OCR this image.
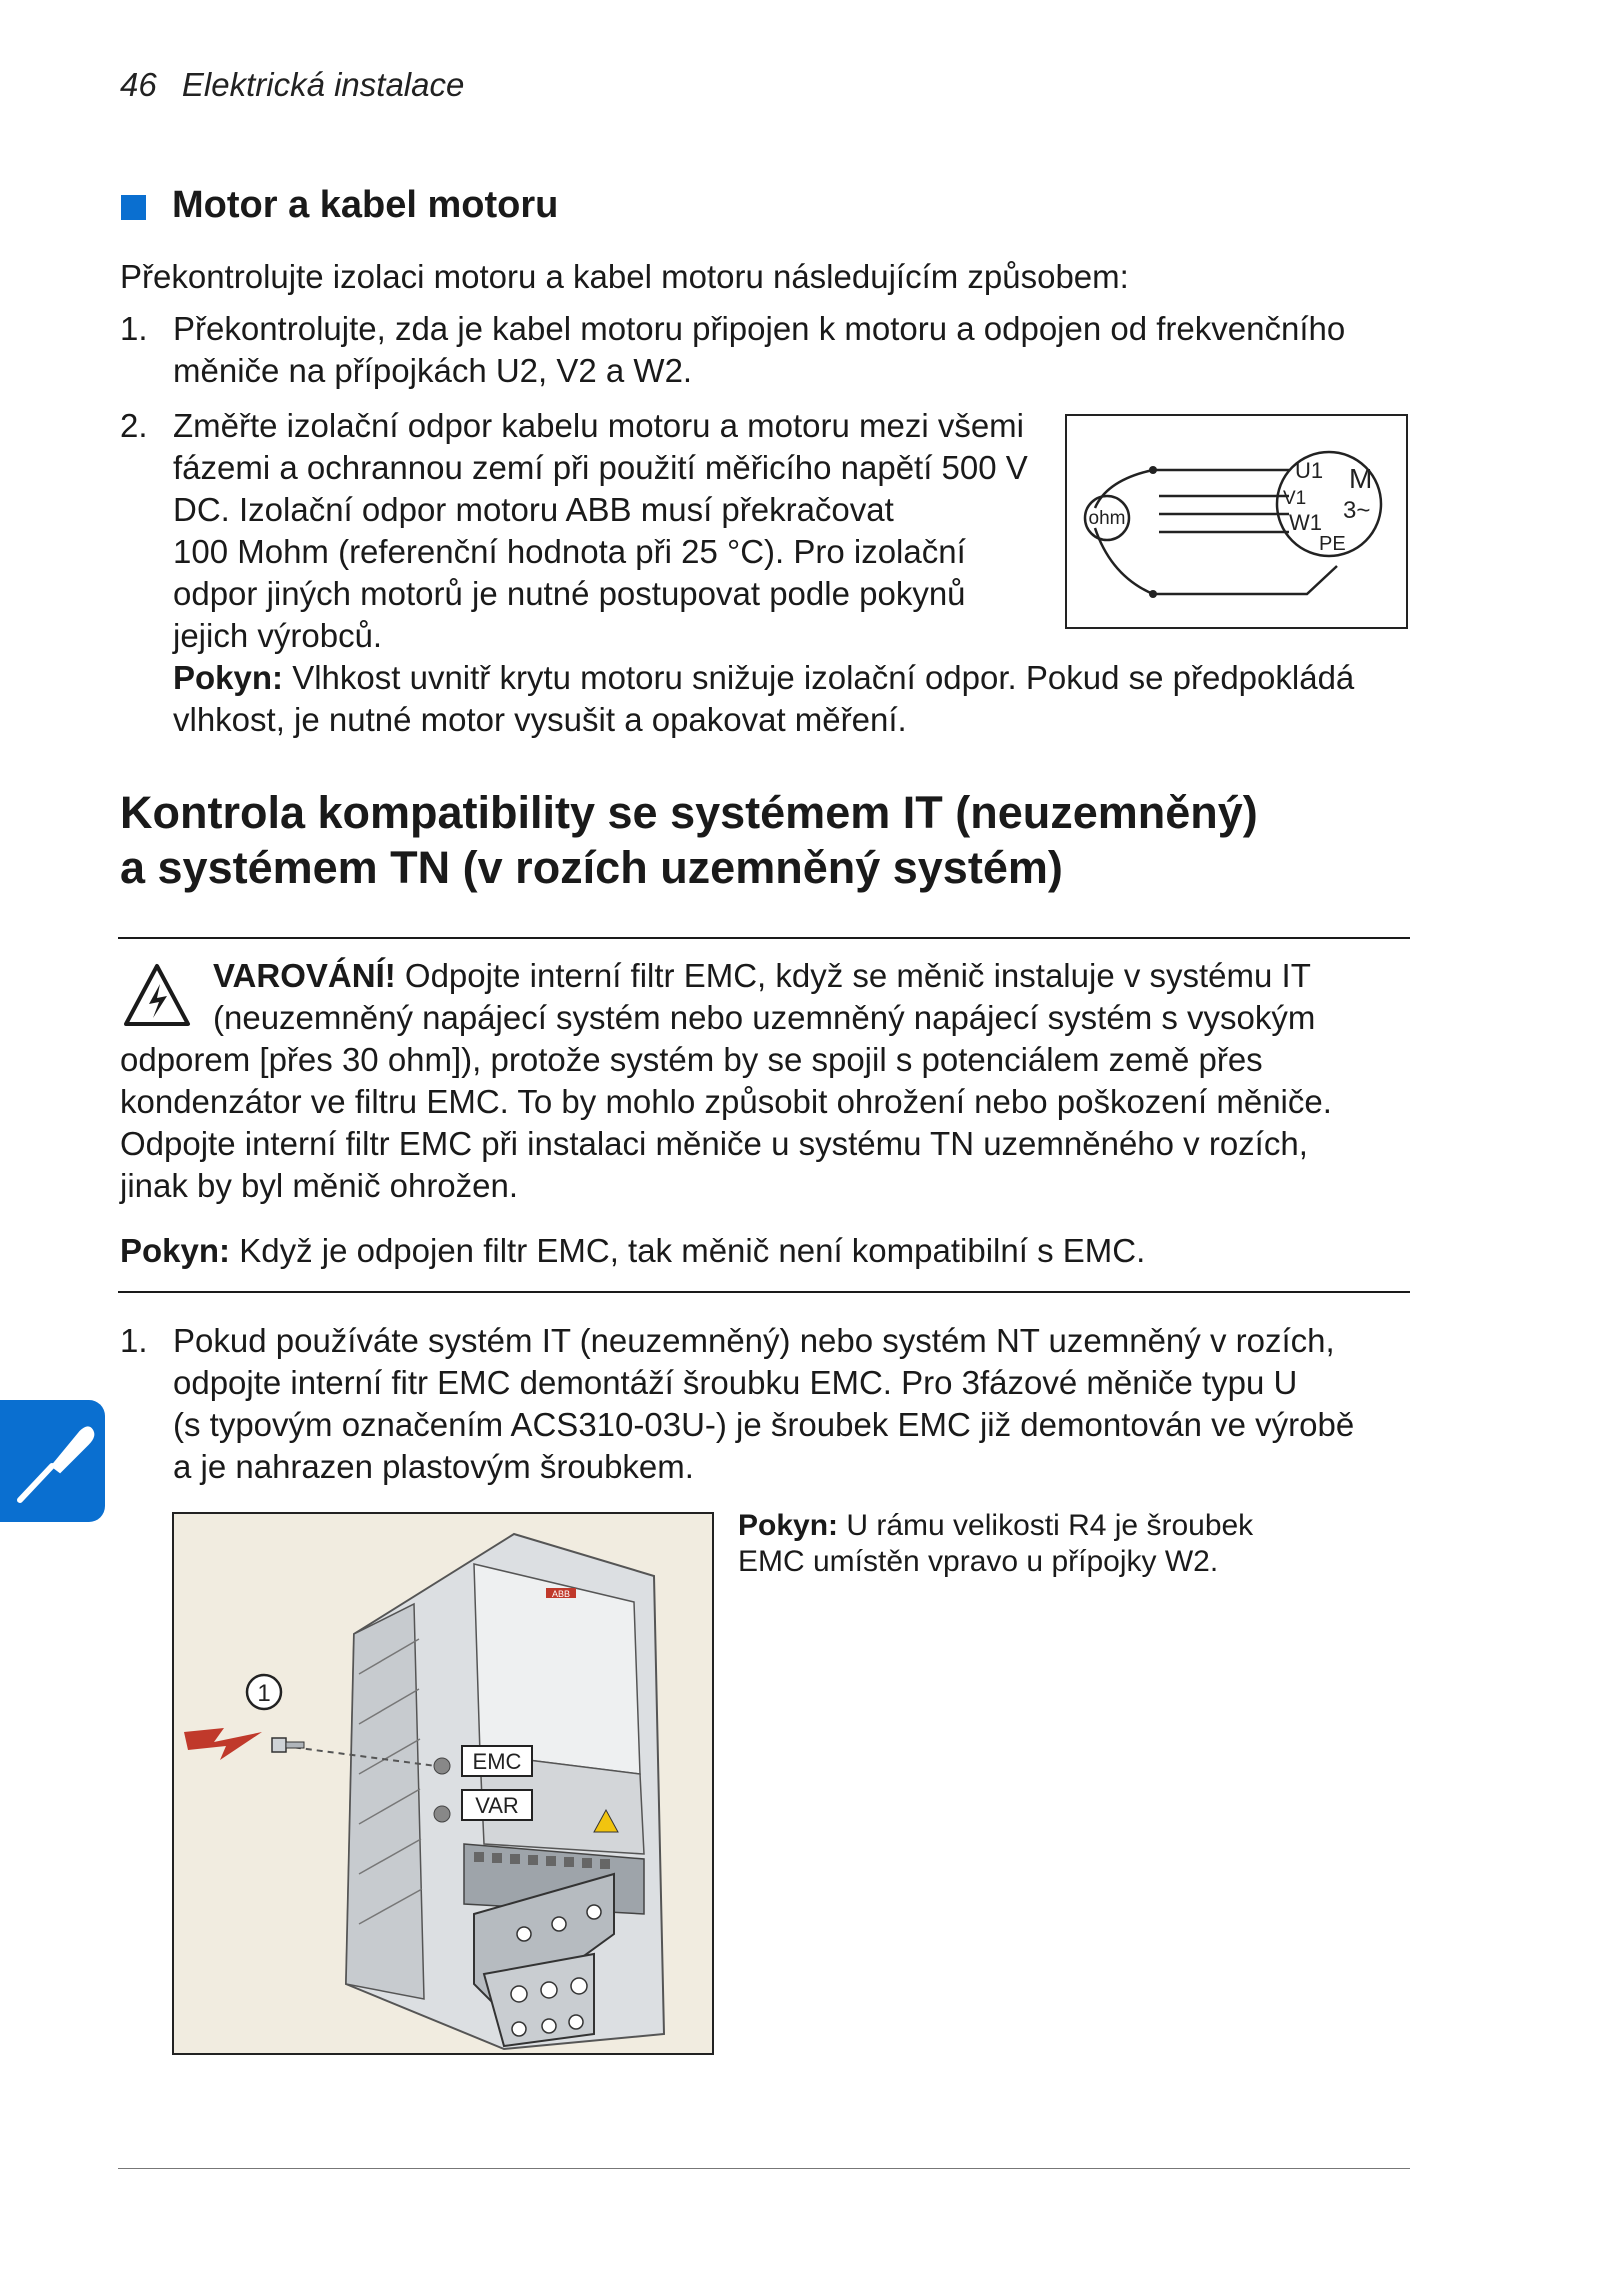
46 Elektrická instalace
Motor a kabel motoru
Překontrolujte izolaci motoru a kabel motoru následujícím způsobem:
1. Překontrolujte, zda je kabel motoru připojen k motoru a odpojen od frekvenčního
měniče na přípojkách U2, V2 a W2.
2. Změřte izolační odpor kabelu motoru a motoru mezi všemi
fázemi a ochrannou zemí při použití měřicího napětí 500 V
DC. Izolační odpor motoru ABB musí překračovat
100 Mohm (referenční hodnota při 25 °C). Pro izolační
odpor jiných motorů je nutné postupovat podle pokynů
jejich výrobců.
ohm
U1
V1
W1
M
3~
PE
Pokyn: Vlhkost uvnitř krytu motoru snižuje izolační odpor. Pokud se předpokládá
vlhkost, je nutné motor vysušit a opakovat měření.
Kontrola kompatibility se systémem IT (neuzemněný)
a systémem TN (v rozích uzemněný systém)
VAROVÁNÍ! Odpojte interní filtr EMC, když se měnič instaluje v systému IT
(neuzemněný napájecí systém nebo uzemněný napájecí systém s vysokým
odporem [přes 30 ohm]), protože systém by se spojil s potenciálem země přes
kondenzátor ve filtru EMC. To by mohlo způsobit ohrožení nebo poškození měniče.
Odpojte interní filtr EMC při instalaci měniče u systému TN uzemněného v rozích,
jinak by byl měnič ohrožen.
Pokyn: Když je odpojen filtr EMC, tak měnič není kompatibilní s EMC.
1. Pokud používáte systém IT (neuzemněný) nebo systém NT uzemněný v rozích,
odpojte interní fitr EMC demontáží šroubku EMC. Pro 3fázové měniče typu U
(s typovým označením ACS310-03U-) je šroubek EMC již demontován ve výrobě
a je nahrazen plastovým šroubkem.
ABB
1
EMC
VAR
Pokyn: U rámu velikosti R4 je šroubek
EMC umístěn vpravo u přípojky W2.
